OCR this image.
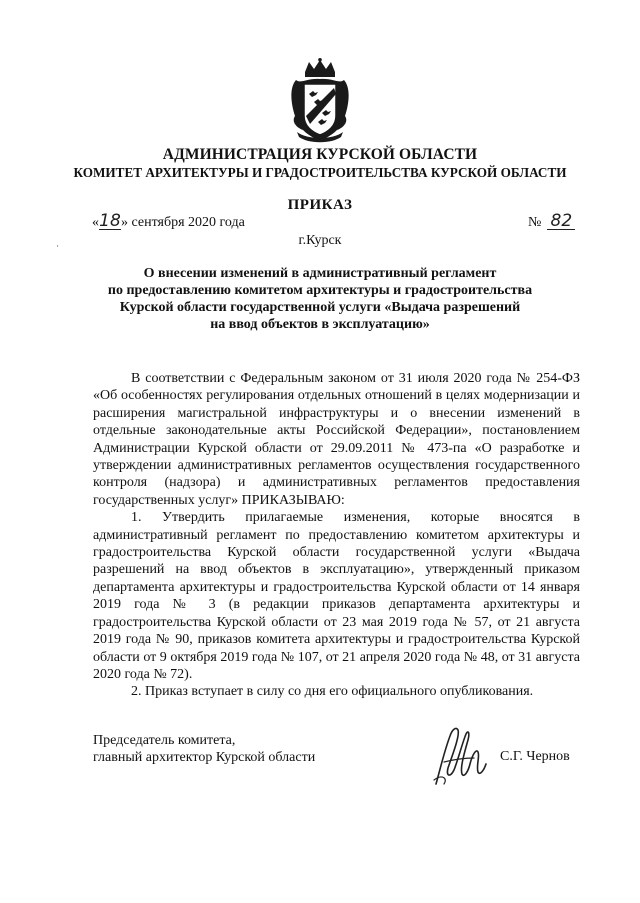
АДМИНИСТРАЦИЯ КУРСКОЙ ОБЛАСТИ
КОМИТЕТ АРХИТЕКТУРЫ И ГРАДОСТРОИТЕЛЬСТВА КУРСКОЙ ОБЛАСТИ
ПРИКАЗ
«18» сентября 2020 года	№ 82
·	г.Курск
О внесении изменений в административный регламент
по предоставлению комитетом архитектуры и градостроительства
Курской области государственной услуги «Выдача разрешений
на ввод объектов в эксплуатацию»

В соответствии с Федеральным законом от 31 июля 2020 года № 254-ФЗ «Об особенностях регулирования отдельных отношений в целях модернизации и расширения магистральной инфраструктуры и о внесении изменений в отдельные законодательные акты Российской Федерации», постановлением Администрации Курской области от 29.09.2011 № 473-па «О разработке и утверждении административных регламентов осуществления государственного контроля (надзора) и административных регламентов предоставления государственных услуг» ПРИКАЗЫВАЮ:

1. Утвердить прилагаемые изменения, которые вносятся в административный регламент по предоставлению комитетом архитектуры и градостроительства Курской области государственной услуги «Выдача разрешений на ввод объектов в эксплуатацию», утвержденный приказом департамента архитектуры и градостроительства Курской области от 14 января 2019 года № 3 (в редакции приказов департамента архитектуры и градостроительства Курской области от 23 мая 2019 года № 57, от 21 августа 2019 года № 90, приказов комитета архитектуры и градостроительства Курской области от 9 октября 2019 года № 107, от 21 апреля 2020 года № 48, от 31 августа 2020 года № 72).

2. Приказ вступает в силу со дня его официального опубликования.

Председатель комитета,
главный архитектор Курской области	С.Г. Чернов
